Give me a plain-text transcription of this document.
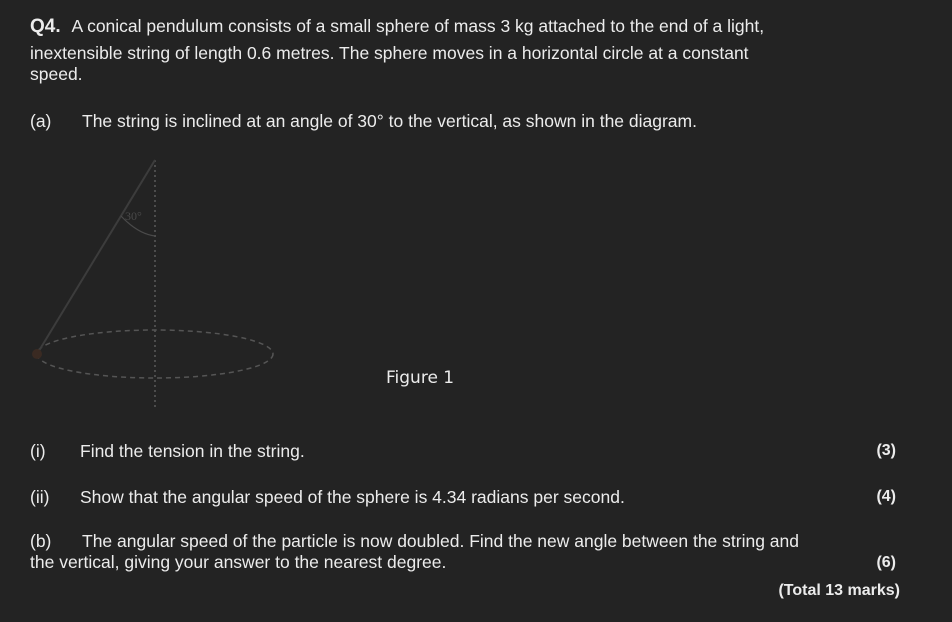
Q4. A conical pendulum consists of a small sphere of mass 3 kg attached to the end of a light,
inextensible string of length 0.6 metres. The sphere moves in a horizontal circle at a constant
speed.
(a) The string is inclined at an angle of 30° to the vertical, as shown in the diagram.
30°
Figure 1
(i) Find the tension in the string.	(3)
(ii) Show that the angular speed of the sphere is 4.34 radians per second.	(4)
(b) The angular speed of the particle is now doubled. Find the new angle between the string and
the vertical, giving your answer to the nearest degree.	(6)
(Total 13 marks)
